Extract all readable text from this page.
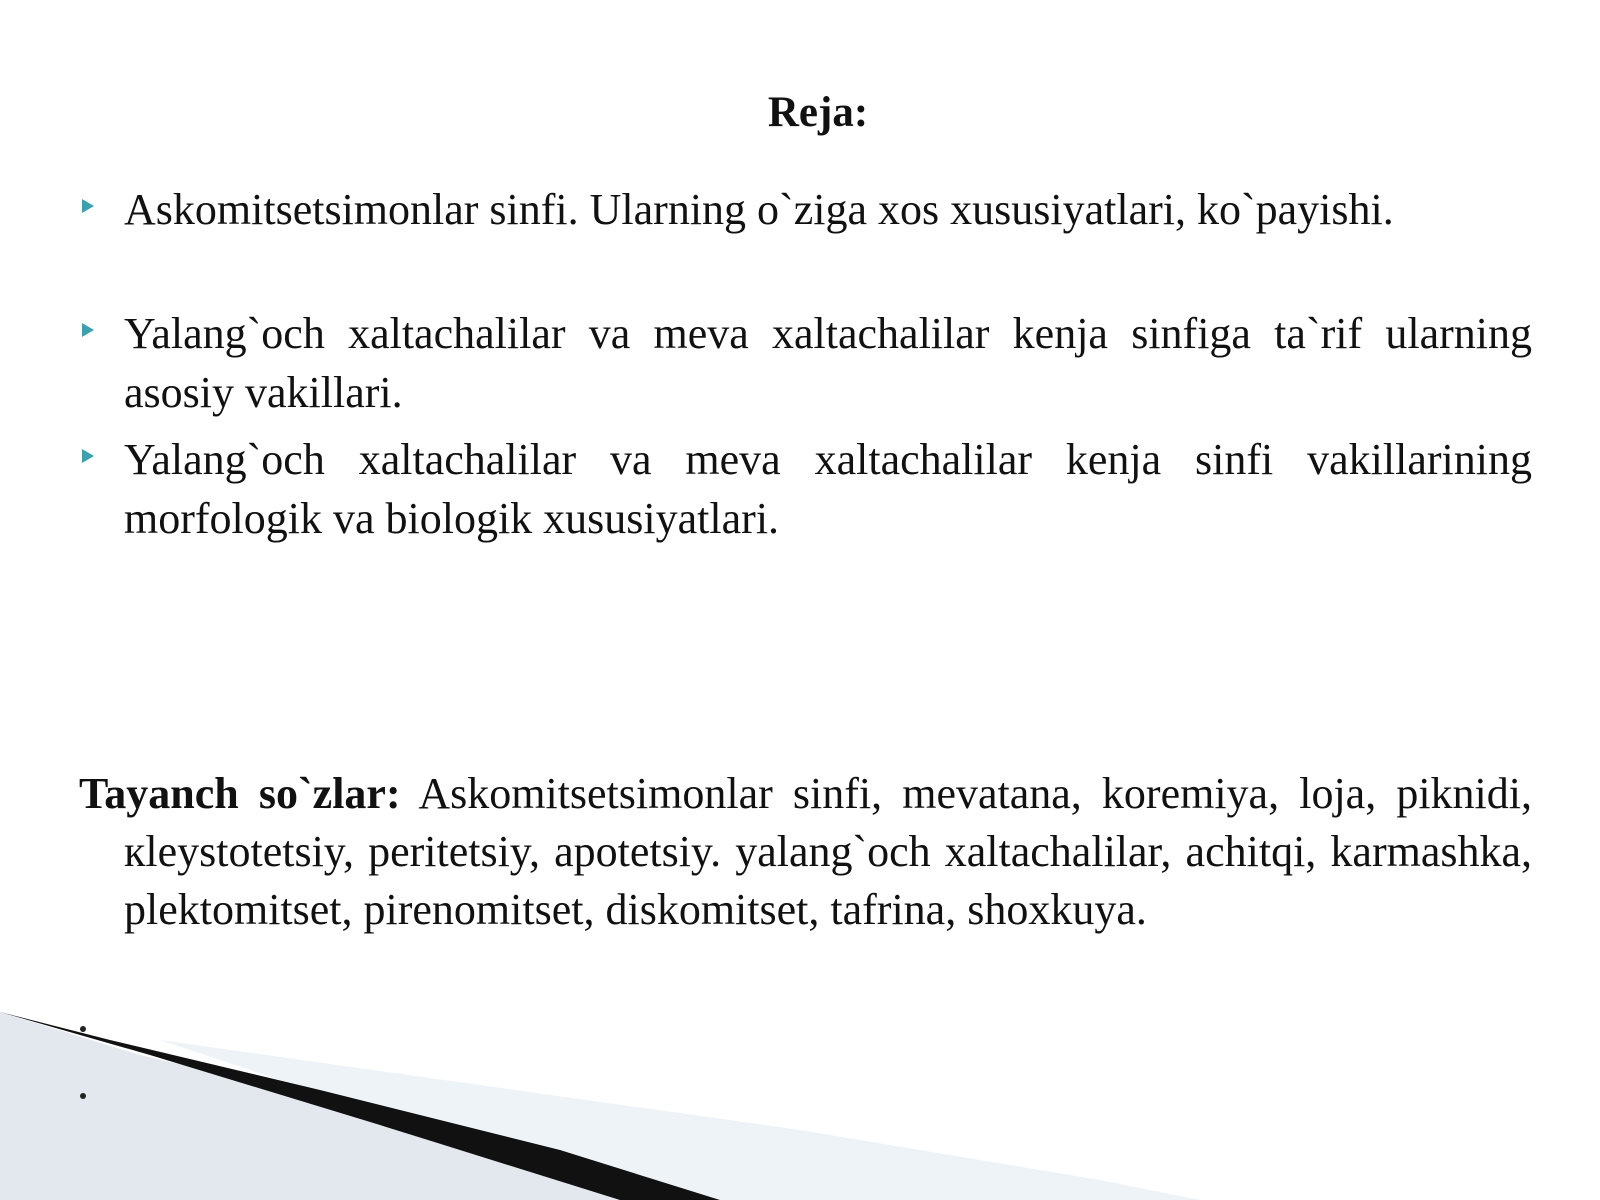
Reja:
Askomitsetsimonlar sinfi. Ularning o`ziga xos xususiyatlari, ko`payishi.
Yalang`och xaltachalilar va meva xaltachalilar kenja sinfiga ta`rif ularning asosiy vakillari.
Yalang`och xaltachalilar va meva xaltachalilar kenja sinfi vakillarining morfologik va biologik xususiyatlari.
Tayanch so`zlar: Askomitsetsimonlar sinfi, mevatana, koremiya, loja, piknidi, кleystotetsiy, peritetsiy, apotetsiy. yalang`och xaltachalilar, achitqi, karmashka, plektomitset, pirenomitset, diskomitset, tafrina, shoxkuya.
